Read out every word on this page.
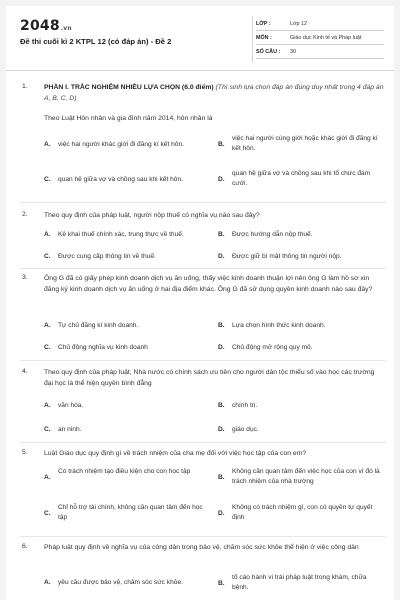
2048.vn
Đề thi cuối kì 2 KTPL 12 (có đáp án) - Đề 2
LỚP :	Lớp 12
MÔN :	Giáo dục Kinh tế và Pháp luật
SỐ CÂU :	30
1. PHẦN I. TRẮC NGHIỆM NHIỀU LỰA CHỌN (6.0 điểm) (Thí sinh lựa chọn đáp án đúng duy nhất trong 4 đáp án A, B, C, D)
Theo Luật Hôn nhân và gia đình năm 2014, hôn nhân là
A. việc hai người khác giới đi đăng kí kết hôn.	B.
việc hai người cùng giới hoặc khác giới đi đăng kí kết hôn.
C. quan hệ giữa vợ và chồng sau khi kết hôn.	D.
quan hệ giữa vợ và chồng sau khi tổ chức đám cưới.
2. Theo quy định của pháp luật, người nộp thuế có nghĩa vụ nào sau đây?
A. Kê khai thuế chính xác, trung thực về thuế.	B. Được hướng dẫn nộp thuế.
C. Được cung cấp thông tin về thuế.	D. Được giữ bí mật thông tin người nộp.
3. Ông G đã có giấy phép kinh doanh dịch vụ ăn uống, thấy việc kinh doanh thuận lợi nên ông G làm hồ sơ xin đăng ký kinh doanh dịch vụ ăn uống ở hai địa điểm khác. Ông G đã sử dụng quyền kinh doanh nào sau đây?
A. Tự chủ đăng kí kinh doanh.	B. Lựa chọn hình thức kinh doanh.
C. Chủ động nghĩa vụ kinh doanh	D. Chủ động mở rộng quy mô.
4. Theo quy định của pháp luật, Nhà nước có chính sách ưu tiên cho người dân tộc thiểu số vào học các trường đại học là thể hiện quyền bình đẳng
A. văn hóa.	B. chính trị.
C. an ninh.	D. giáo dục.
5. Luật Giáo dục quy định gì về trách nhiệm của cha mẹ đối với việc học tập của con em?
A.
Có trách nhiệm tạo điều kiện cho con học tập
B.
Không cần quan tâm đến việc học của con vì đó là trách nhiệm của nhà trường
C.
Chỉ hỗ trợ tài chính, không cần quan tâm đến học tập
D.
Không có trách nhiệm gì, con có quyền tự quyết định
6. Pháp luật quy định về nghĩa vụ của công dân trong bảo vệ, chăm sóc sức khỏe thể hiện ở việc công dân
A. yêu cầu được bảo vệ, chăm sóc sức khỏe.	B.
tố cáo hành vi trái pháp luật trong khám, chữa bệnh.
